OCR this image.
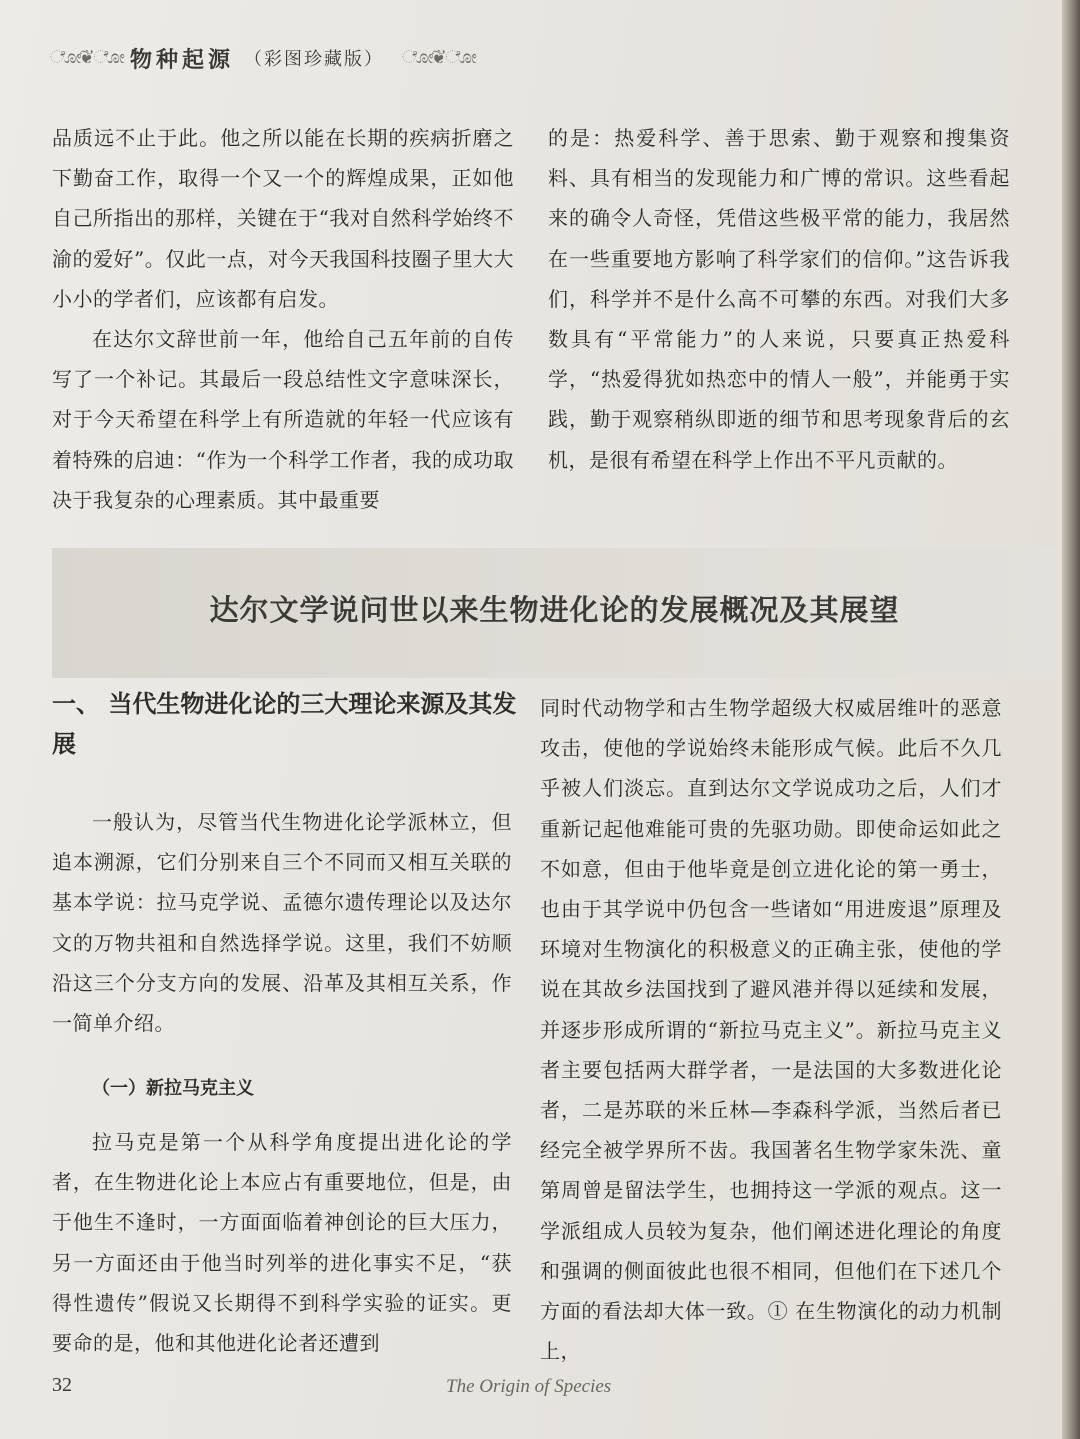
ೋ❦ೋ 物种起源 （彩图珍藏版） ೋ❦ೋ

品质远不止于此。他之所以能在长期的疾病折磨之下勤奋工作，取得一个又一个的辉煌成果，正如他自己所指出的那样，关键在于“我对自然科学始终不渝的爱好”。仅此一点，对今天我国科技圈子里大大小小的学者们，应该都有启发。

在达尔文辞世前一年，他给自己五年前的自传写了一个补记。其最后一段总结性文字意味深长，对于今天希望在科学上有所造就的年轻一代应该有着特殊的启迪：“作为一个科学工作者，我的成功取决于我复杂的心理素质。其中最重要

的是：热爱科学、善于思索、勤于观察和搜集资料、具有相当的发现能力和广博的常识。这些看起来的确令人奇怪，凭借这些极平常的能力，我居然在一些重要地方影响了科学家们的信仰。”这告诉我们，科学并不是什么高不可攀的东西。对我们大多数具有“平常能力”的人来说，只要真正热爱科学，“热爱得犹如热恋中的情人一般”，并能勇于实践，勤于观察稍纵即逝的细节和思考现象背后的玄机，是很有希望在科学上作出不平凡贡献的。

达尔文学说问世以来生物进化论的发展概况及其展望
一、 当代生物进化论的三大理论来源及其发展

一般认为，尽管当代生物进化论学派林立，但追本溯源，它们分别来自三个不同而又相互关联的基本学说：拉马克学说、孟德尔遗传理论以及达尔文的万物共祖和自然选择学说。这里，我们不妨顺沿这三个分支方向的发展、沿革及其相互关系，作一简单介绍。

（一）新拉马克主义

拉马克是第一个从科学角度提出进化论的学者，在生物进化论上本应占有重要地位，但是，由于他生不逢时，一方面面临着神创论的巨大压力，另一方面还由于他当时列举的进化事实不足，“获得性遗传”假说又长期得不到科学实验的证实。更要命的是，他和其他进化论者还遭到

同时代动物学和古生物学超级大权威居维叶的恶意攻击，使他的学说始终未能形成气候。此后不久几乎被人们淡忘。直到达尔文学说成功之后，人们才重新记起他难能可贵的先驱功勋。即使命运如此之不如意，但由于他毕竟是创立进化论的第一勇士，也由于其学说中仍包含一些诸如“用进废退”原理及环境对生物演化的积极意义的正确主张，使他的学说在其故乡法国找到了避风港并得以延续和发展，并逐步形成所谓的“新拉马克主义”。新拉马克主义者主要包括两大群学者，一是法国的大多数进化论者，二是苏联的米丘林—李森科学派，当然后者已经完全被学界所不齿。我国著名生物学家朱洗、童第周曾是留法学生，也拥持这一学派的观点。这一学派组成人员较为复杂，他们阐述进化理论的角度和强调的侧面彼此也很不相同，但他们在下述几个方面的看法却大体一致。① 在生物演化的动力机制上，

32	The Origin of Species
